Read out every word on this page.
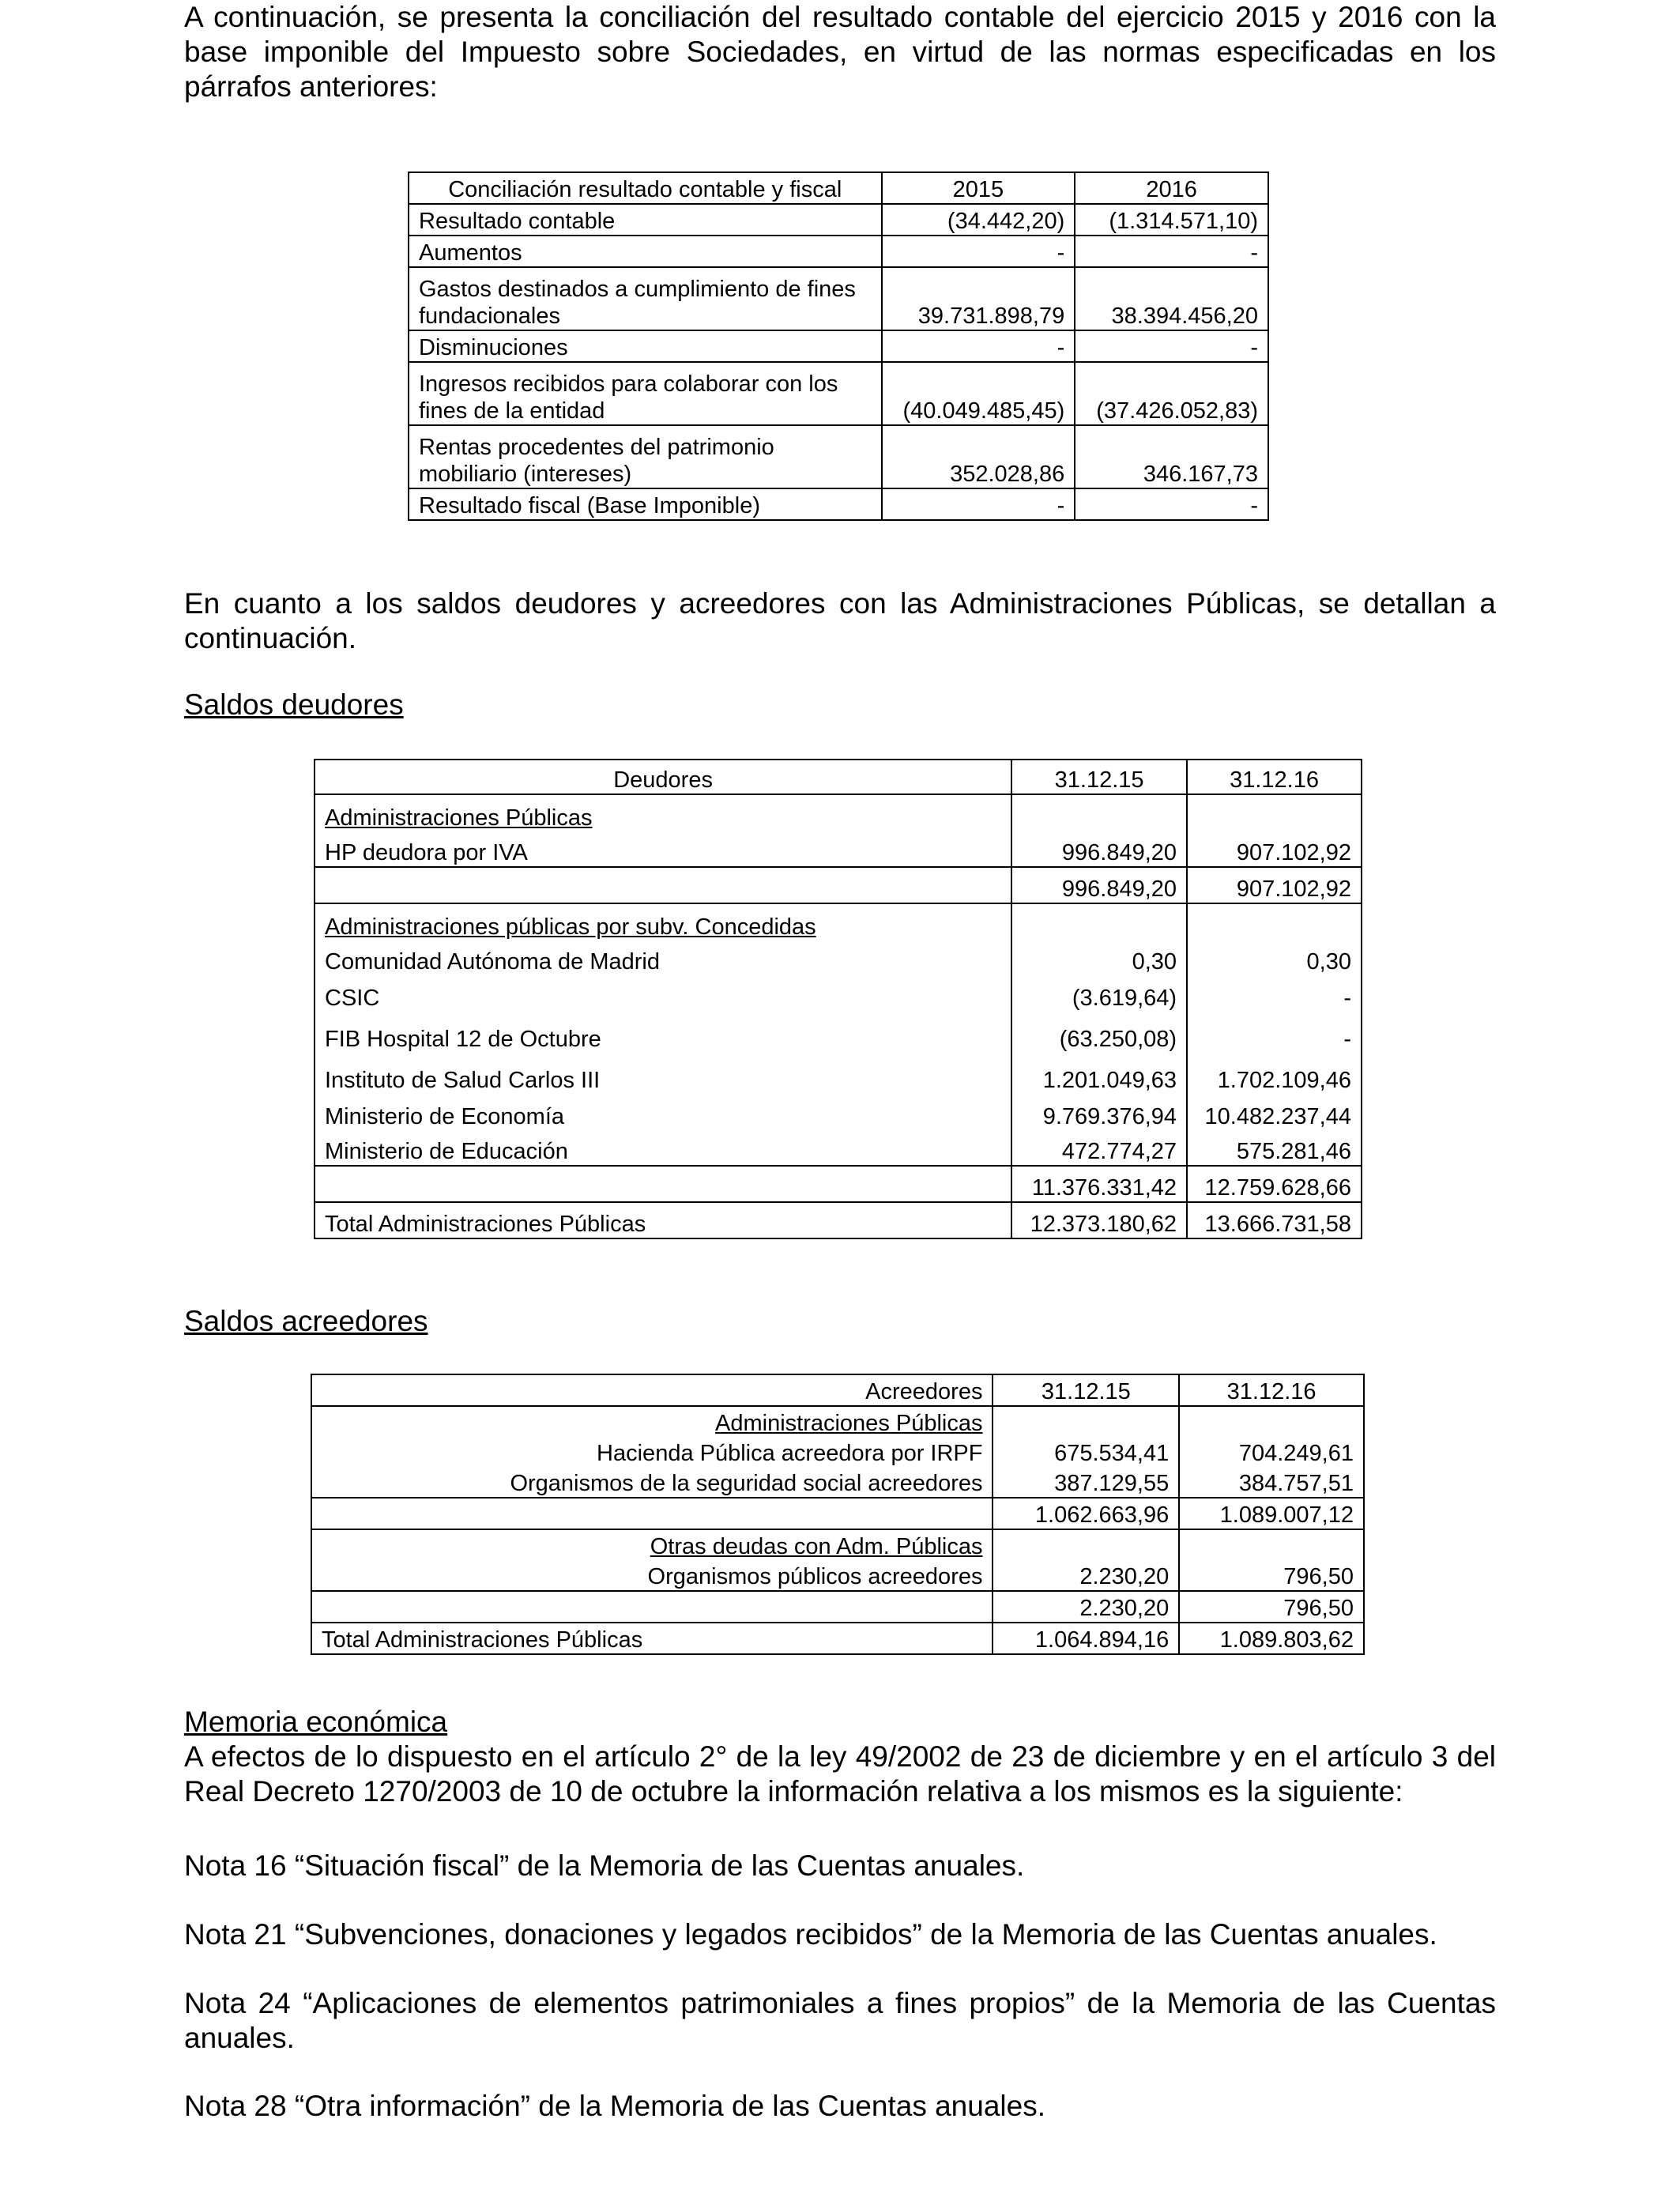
A continuación, se presenta la conciliación del resultado contable del ejercicio 2015 y 2016 con la base imponible del Impuesto sobre Sociedades, en virtud de las normas especificadas en los párrafos anteriores:

Conciliación resultado contable y fiscal	2015	2016
Resultado contable	(34.442,20)	(1.314.571,10)
Aumentos	-	-
Gastos destinados a cumplimiento de fines fundacionales	39.731.898,79	38.394.456,20
Disminuciones	-	-
Ingresos recibidos para colaborar con los fines de la entidad	(40.049.485,45)	(37.426.052,83)
Rentas procedentes del patrimonio mobiliario (intereses)	352.028,86	346.167,73
Resultado fiscal (Base Imponible)	-	-

En cuanto a los saldos deudores y acreedores con las Administraciones Públicas, se detallan a continuación.

Saldos deudores

Deudores	31.12.15	31.12.16
Administraciones Públicas		
HP deudora por IVA	996.849,20	907.102,92
	996.849,20	907.102,92
Administraciones públicas por subv. Concedidas		
Comunidad Autónoma de Madrid	0,30	0,30
CSIC	(3.619,64)	-
FIB Hospital 12 de Octubre	(63.250,08)	-
Instituto de Salud Carlos III	1.201.049,63	1.702.109,46
Ministerio de Economía	9.769.376,94	10.482.237,44
Ministerio de Educación	472.774,27	575.281,46
	11.376.331,42	12.759.628,66
Total Administraciones Públicas	12.373.180,62	13.666.731,58

Saldos acreedores

Acreedores	31.12.15	31.12.16
Administraciones Públicas		
Hacienda Pública acreedora por IRPF	675.534,41	704.249,61
Organismos de la seguridad social acreedores	387.129,55	384.757,51
	1.062.663,96	1.089.007,12
Otras deudas con Adm. Públicas		
Organismos públicos acreedores	2.230,20	796,50
	2.230,20	796,50
Total Administraciones Públicas	1.064.894,16	1.089.803,62

Memoria económica

A efectos de lo dispuesto en el artículo 2° de la ley 49/2002 de 23 de diciembre y en el artículo 3 del Real Decreto 1270/2003 de 10 de octubre la información relativa a los mismos es la siguiente:

Nota 16 “Situación fiscal” de la Memoria de las Cuentas anuales.

Nota 21 “Subvenciones, donaciones y legados recibidos” de la Memoria de las Cuentas anuales.

Nota 24 “Aplicaciones de elementos patrimoniales a fines propios” de la Memoria de las Cuentas anuales.

Nota 28 “Otra información” de la Memoria de las Cuentas anuales.
